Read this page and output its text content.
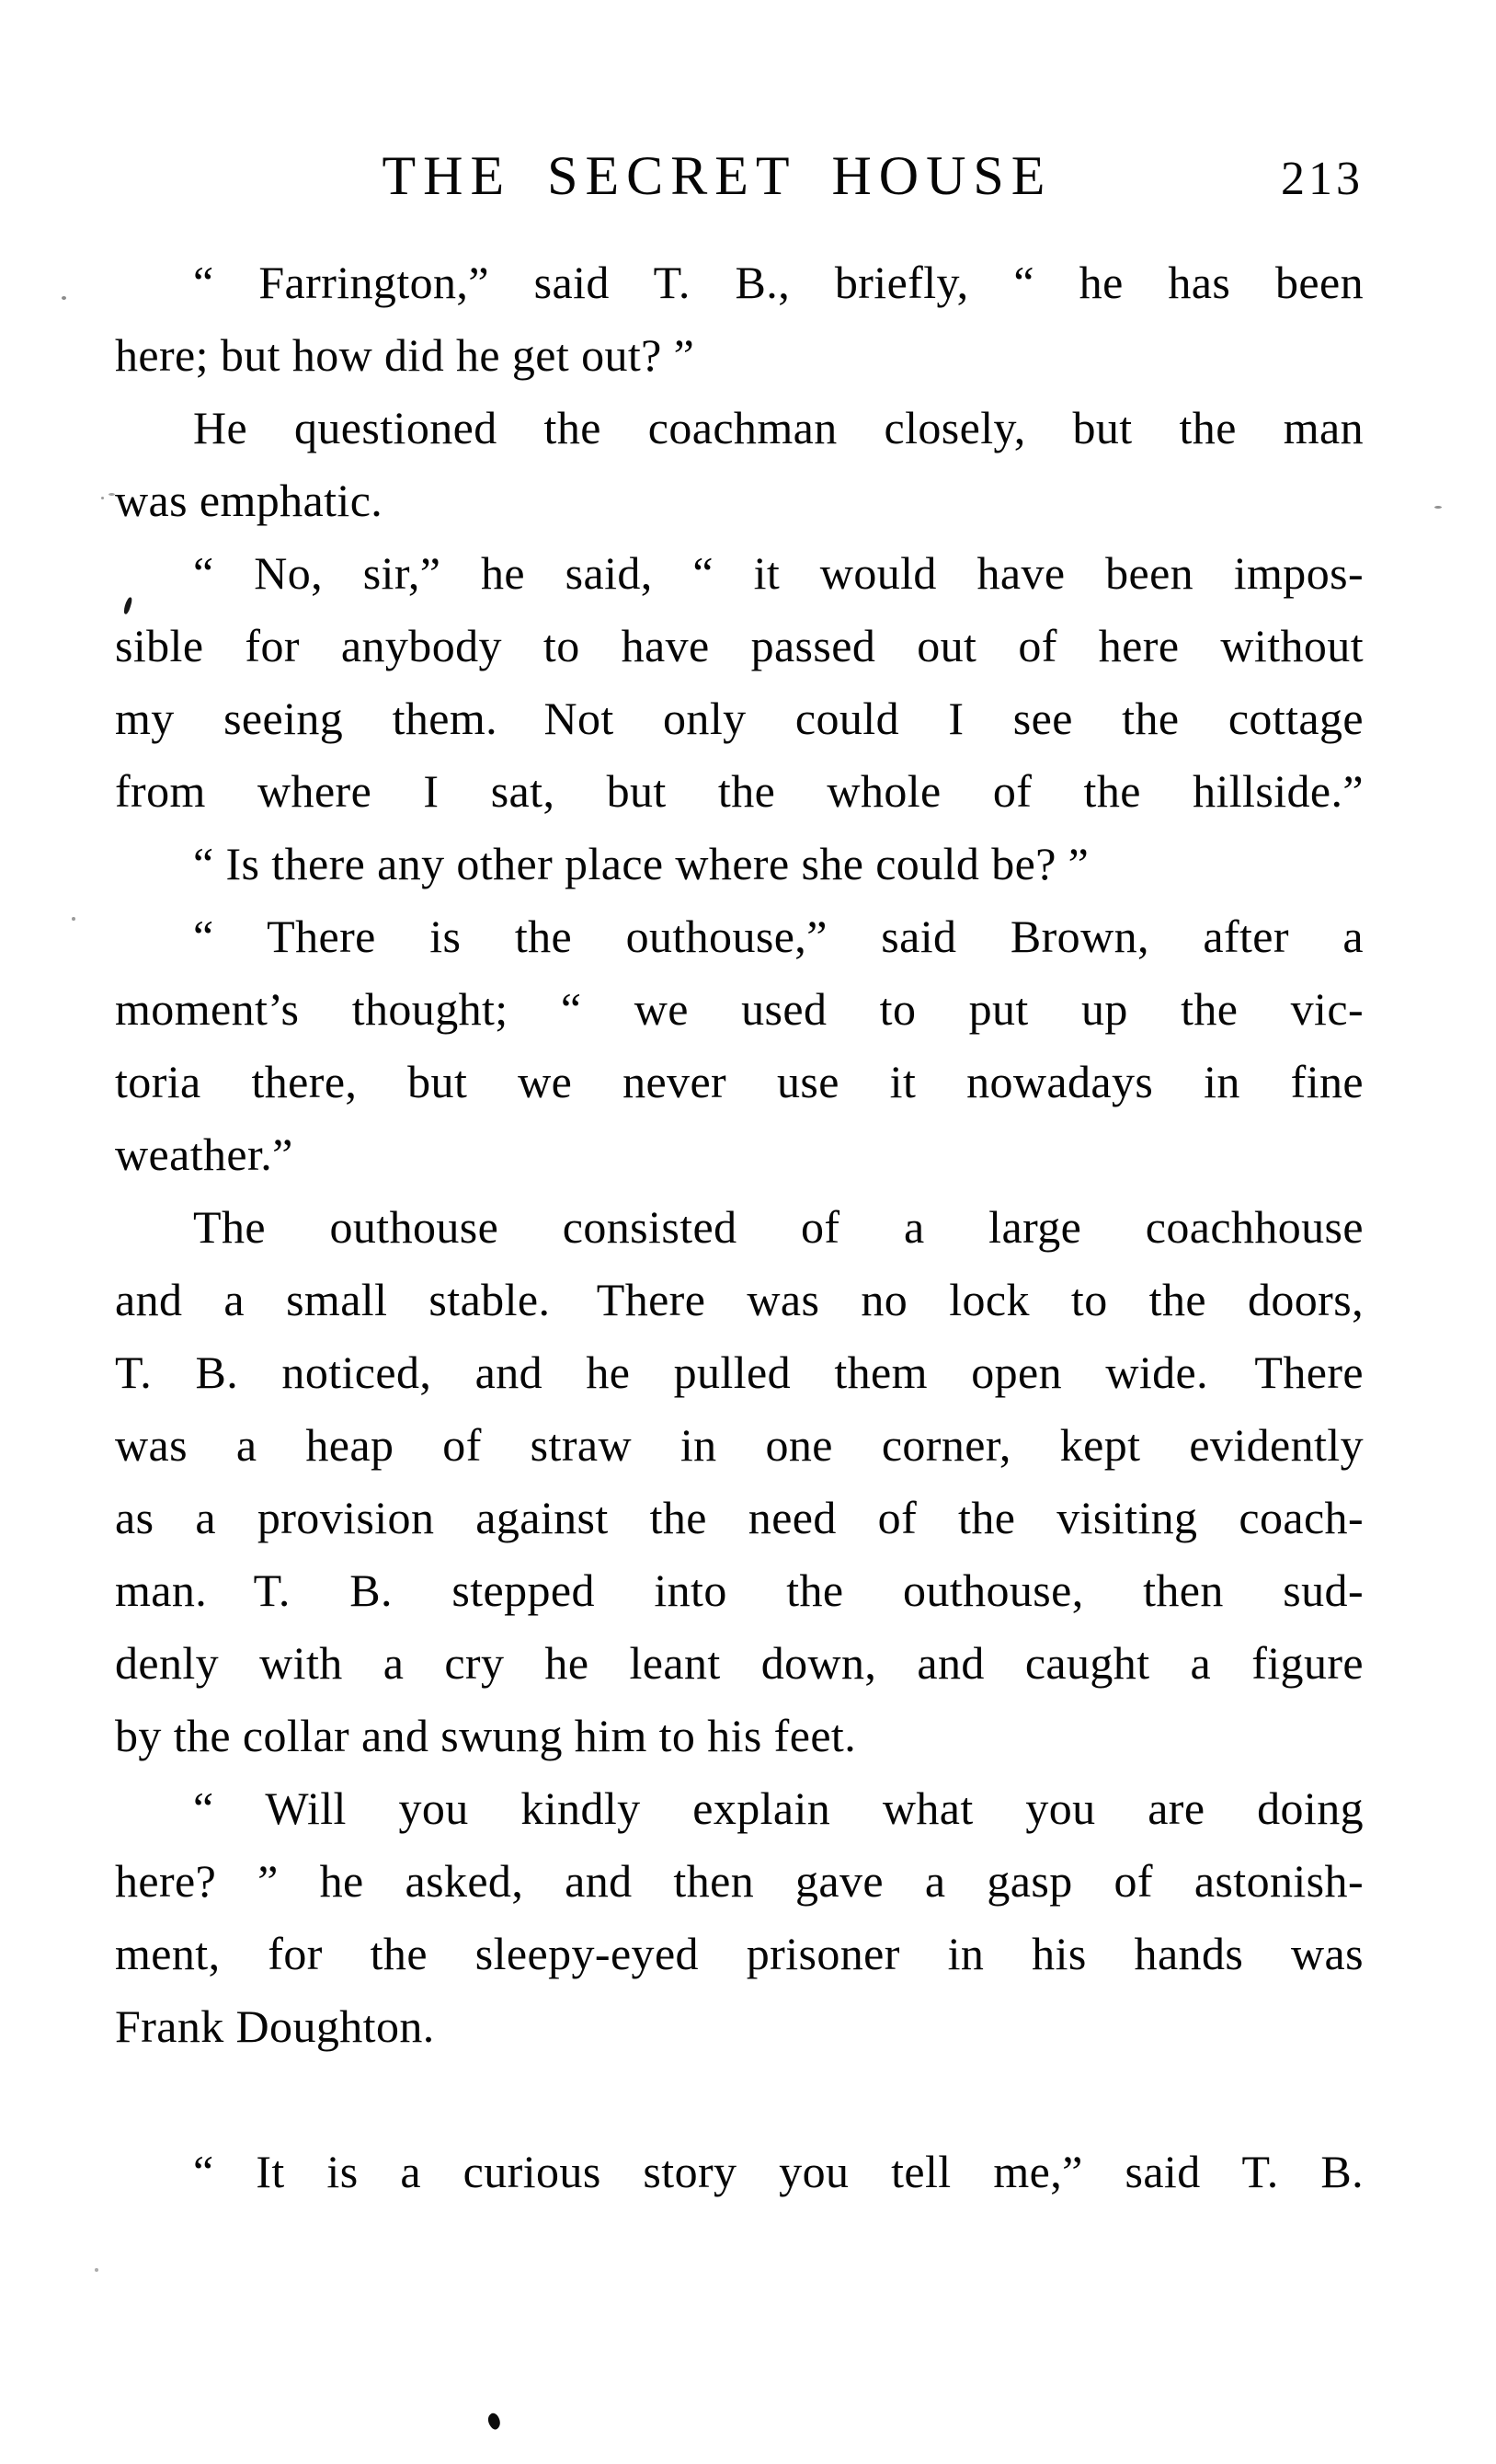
THE SECRET HOUSE	213
“ Farrington,” said T. B., briefly, “ he has been
here; but how did he get out? ”
He questioned the coachman closely, but the man
was emphatic.
“ No, sir,” he said, “ it would have been impos-
sible for anybody to have passed out of here without
my seeing them. Not only could I see the cottage
from where I sat, but the whole of the hillside.”
“ Is there any other place where she could be? ”
“ There is the outhouse,” said Brown, after a
moment’s thought; “ we used to put up the vic-
toria there, but we never use it nowadays in fine
weather.”
The outhouse consisted of a large coachhouse
and a small stable. There was no lock to the doors,
T. B. noticed, and he pulled them open wide. There
was a heap of straw in one corner, kept evidently
as a provision against the need of the visiting coach-
man. T. B. stepped into the outhouse, then sud-
denly with a cry he leant down, and caught a figure
by the collar and swung him to his feet.
“ Will you kindly explain what you are doing
here? ” he asked, and then gave a gasp of astonish-
ment, for the sleepy-eyed prisoner in his hands was
Frank Doughton.
“ It is a curious story you tell me,” said T. B.
